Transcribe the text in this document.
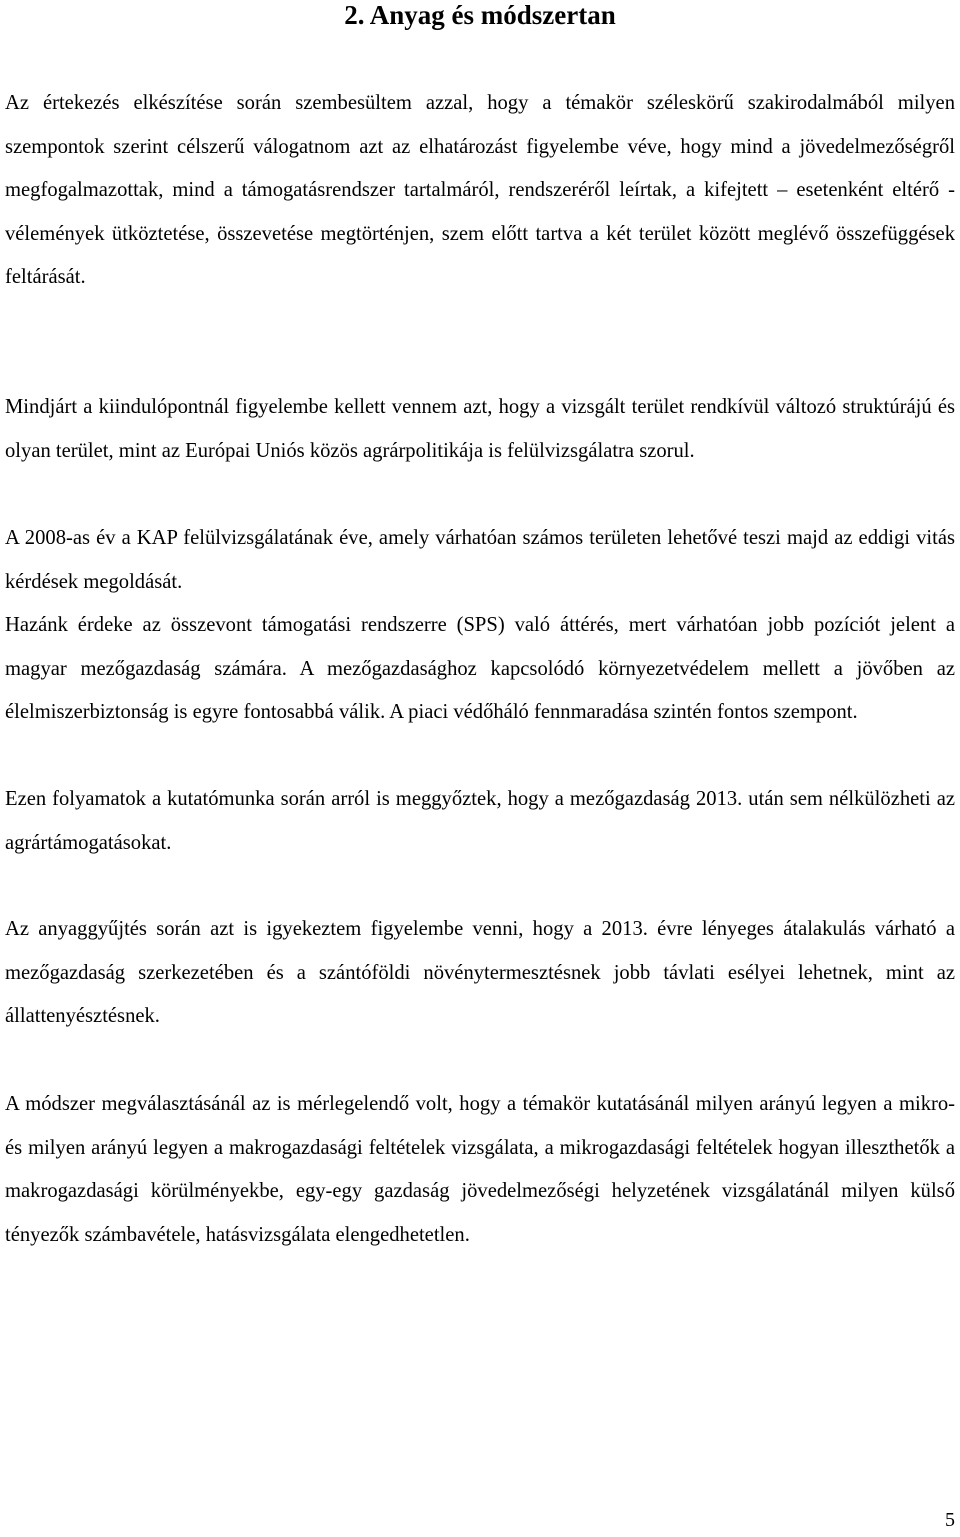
2. Anyag és módszertan

Az értekezés elkészítése során szembesültem azzal, hogy a témakör széleskörű szakirodalmából milyen szempontok szerint célszerű válogatnom azt az elhatározást figyelembe véve, hogy mind a jövedelmezőségről megfogalmazottak, mind a támogatásrendszer tartalmáról, rendszeréről leírtak, a kifejtett – esetenként eltérő - vélemények ütköztetése, összevetése megtörténjen, szem előtt tartva a két terület között meglévő összefüggések feltárását.

Mindjárt a kiindulópontnál figyelembe kellett vennem azt, hogy a vizsgált terület rendkívül változó struktúrájú és olyan terület, mint az Európai Uniós közös agrárpolitikája is felülvizsgálatra szorul.

A 2008-as év a KAP felülvizsgálatának éve, amely várhatóan számos területen lehetővé teszi majd az eddigi vitás kérdések megoldását.

Hazánk érdeke az összevont támogatási rendszerre (SPS) való áttérés, mert várhatóan jobb pozíciót jelent a magyar mezőgazdaság számára. A mezőgazdasághoz kapcsolódó környezetvédelem mellett a jövőben az élelmiszerbiztonság is egyre fontosabbá válik. A piaci védőháló fennmaradása szintén fontos szempont.

Ezen folyamatok a kutatómunka során arról is meggyőztek, hogy a mezőgazdaság 2013. után sem nélkülözheti az agrártámogatásokat.

Az anyaggyűjtés során azt is igyekeztem figyelembe venni, hogy a 2013. évre lényeges átalakulás várható a mezőgazdaság szerkezetében és a szántóföldi növénytermesztésnek jobb távlati esélyei lehetnek, mint az állattenyésztésnek.

A módszer megválasztásánál az is mérlegelendő volt, hogy a témakör kutatásánál milyen arányú legyen a mikro- és milyen arányú legyen a makrogazdasági feltételek vizsgálata, a mikrogazdasági feltételek hogyan illeszthetők a makrogazdasági körülményekbe, egy-egy gazdaság jövedelmezőségi helyzetének vizsgálatánál milyen külső tényezők számbavétele, hatásvizsgálata elengedhetetlen.

5
